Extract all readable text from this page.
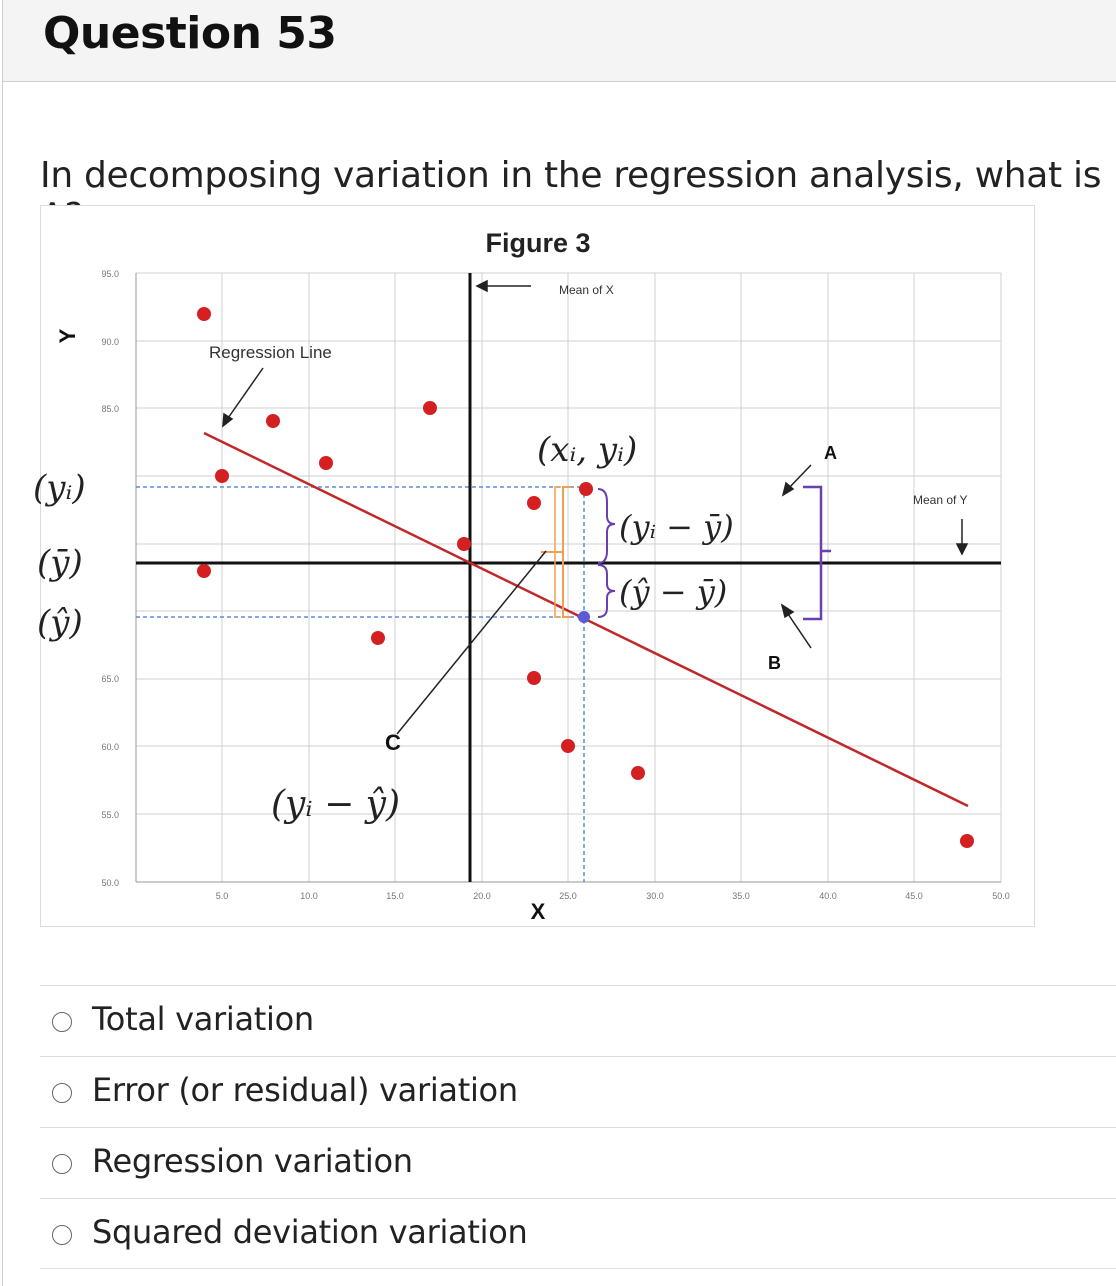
Question 53
In decomposing variation in the regression analysis, what is
Figure 3
95.0
90.0
85.0
65.0
60.0
55.0
50.0
5.0	10.0	15.0	20.0	25.0	30.0	35.0	40.0	45.0	50.0
Y
X
Regression Line
Mean of X
Mean of Y
(xᵢ, yᵢ)
(yᵢ)
(ȳ)
(ŷ)
(yᵢ − ȳ)
(ŷ − ȳ)
(yᵢ − ŷ)
A
B
C
Total variation
Error (or residual) variation
Regression variation
Squared deviation variation
